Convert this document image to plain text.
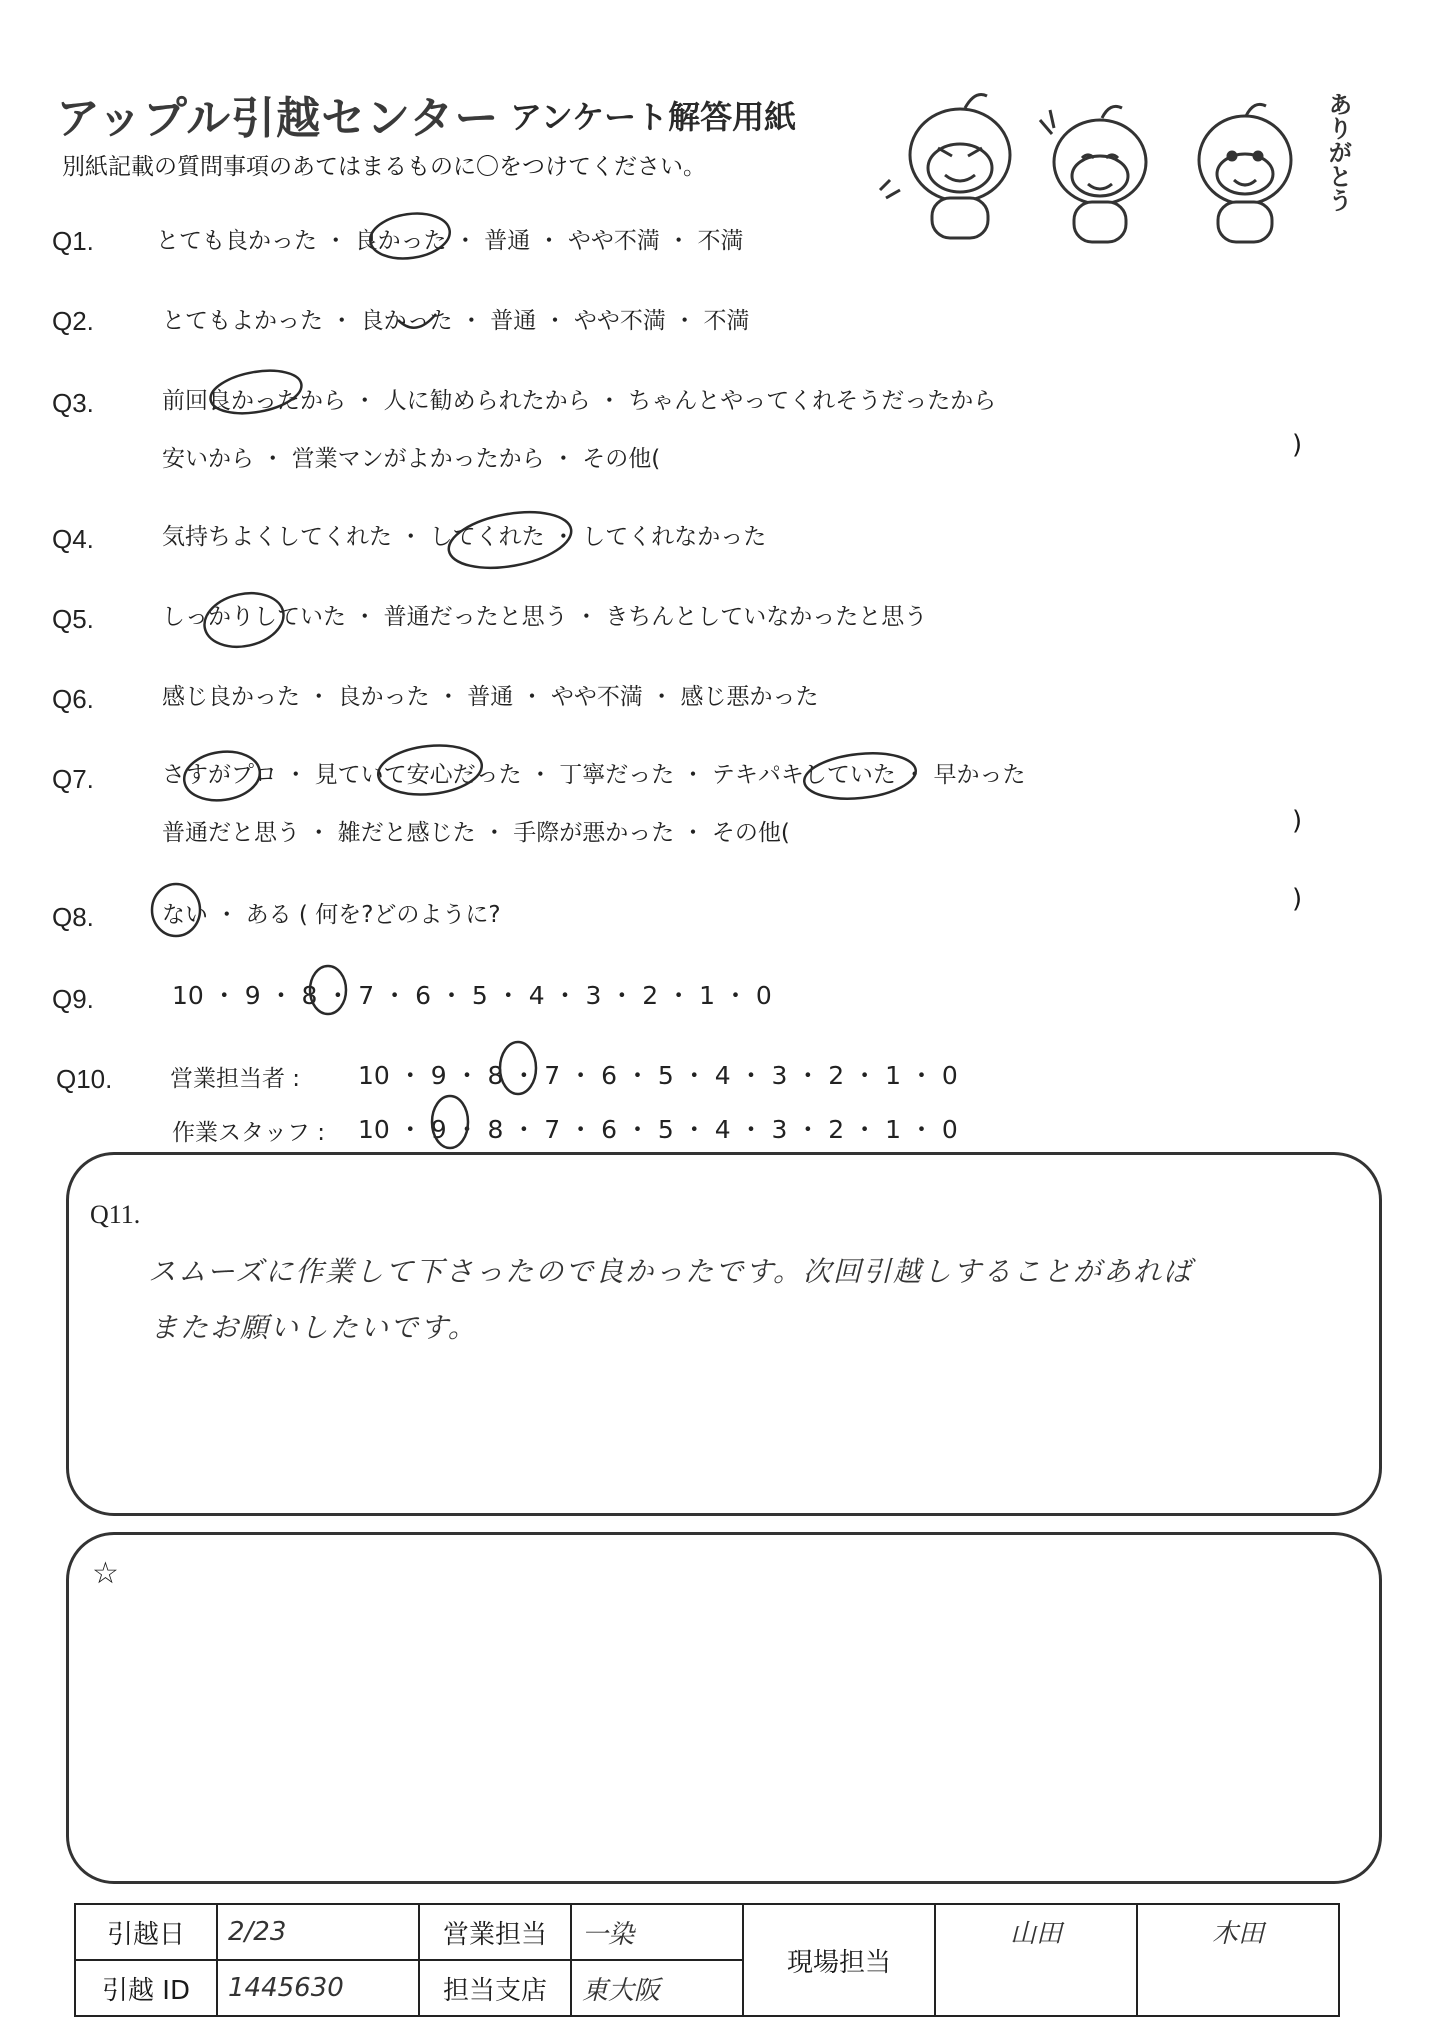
アップル引越センター アンケート解答用紙
別紙記載の質問事項のあてはまるものに〇をつけてください。	ありがとう
Q1.	とても良かった ・ 良かった ・ 普通 ・ やや不満 ・ 不満
Q2.	とてもよかった ・ 良かった ・ 普通 ・ やや不満 ・ 不満
Q3.	前回良かったから ・ 人に勧められたから ・ ちゃんとやってくれそうだったから
安いから ・ 営業マンがよかったから ・ その他(	)
Q4.	気持ちよくしてくれた ・ してくれた ・ してくれなかった
Q5.	しっかりしていた ・ 普通だったと思う ・ きちんとしていなかったと思う
Q6.	感じ良かった ・ 良かった ・ 普通 ・ やや不満 ・ 感じ悪かった
Q7.	さすがプロ ・ 見ていて安心だった ・ 丁寧だった ・ テキパキしていた ・ 早かった
普通だと思う ・ 雑だと感じた ・ 手際が悪かった ・ その他(	)
Q8.	ない ・ ある ( 何を?どのように?
)
Q9.	10 ・ 9 ・ 8 ・ 7 ・ 6 ・ 5 ・ 4 ・ 3 ・ 2 ・ 1 ・ 0
Q10.	営業担当者 : 10 ・ 9 ・ 8 ・ 7 ・ 6 ・ 5 ・ 4 ・ 3 ・ 2 ・ 1 ・ 0
作業スタッフ : 10 ・ 9 ・ 8 ・ 7 ・ 6 ・ 5 ・ 4 ・ 3 ・ 2 ・ 1 ・ 0
Q11.
スムーズに作業して下さったので良かったです。次回引越しすることがあれば
またお願いしたいです。
☆
引越日	2/23	営業担当	一染	現場担当	山田	木田
引越 ID	1445630	担当支店	東大阪			
